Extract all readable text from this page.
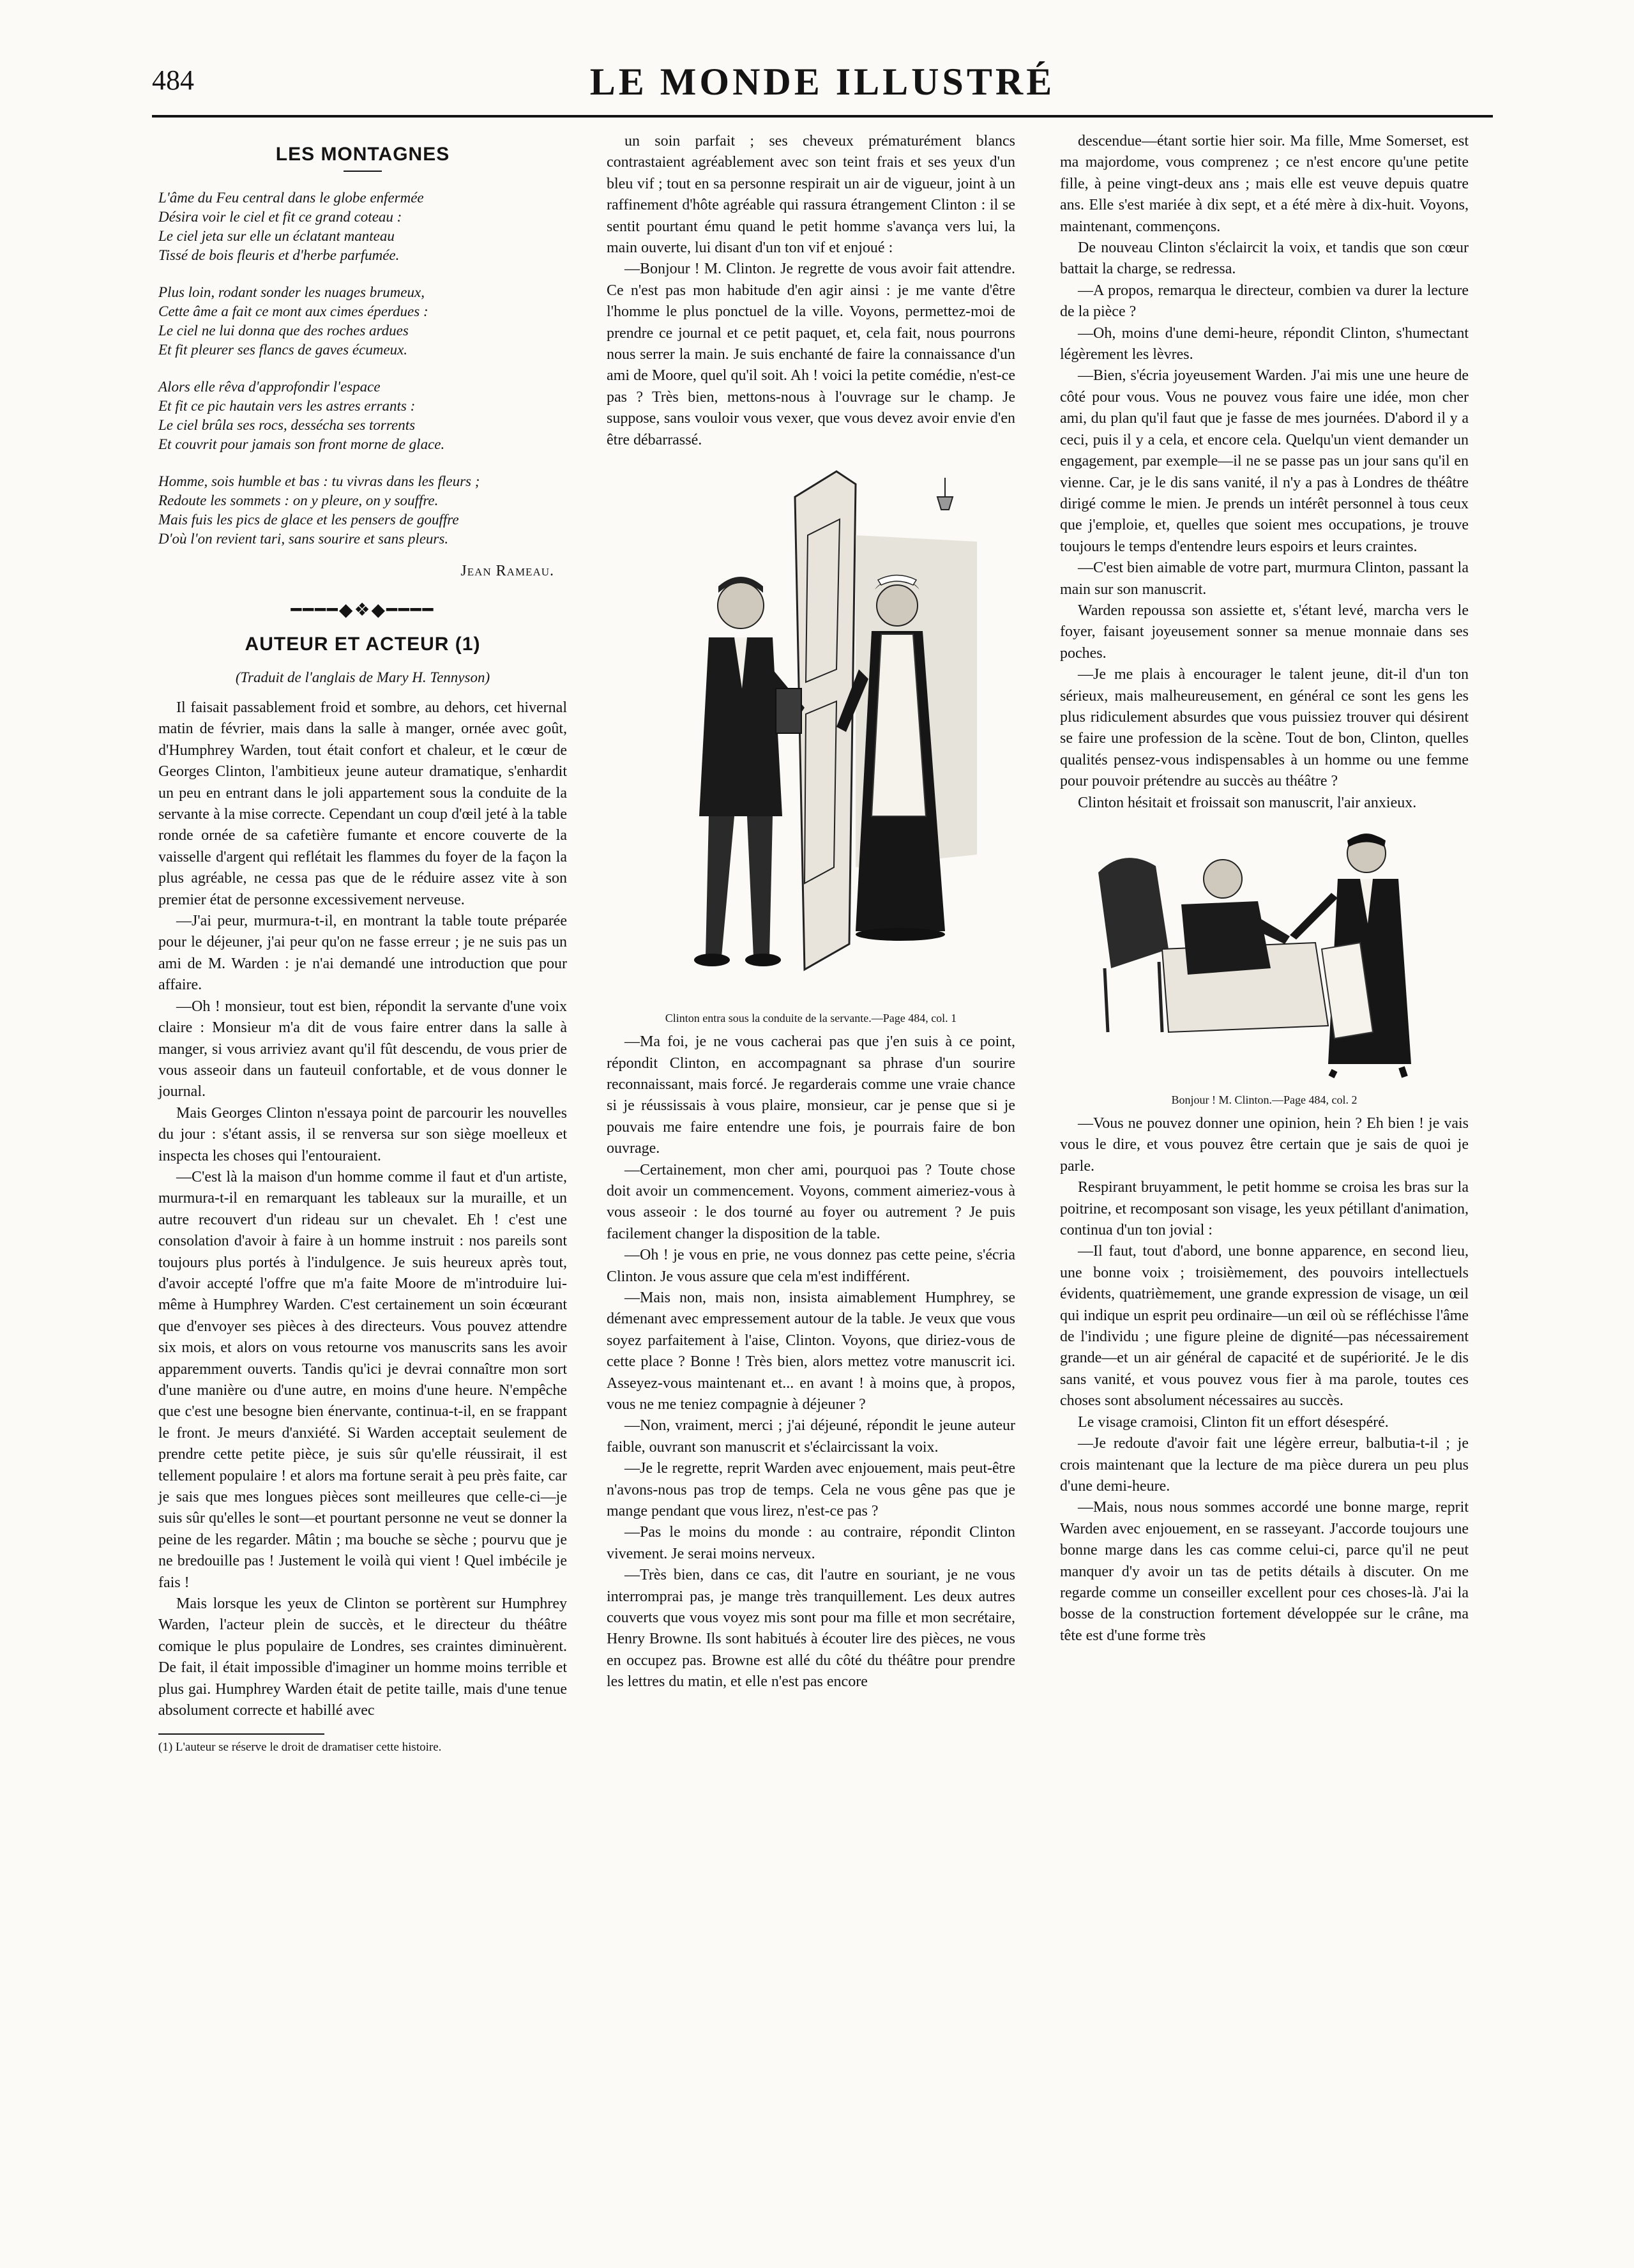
484	LE MONDE ILLUSTRÉ
LES MONTAGNES

L'âme du Feu central dans le globe enfermée

Désira voir le ciel et fit ce grand coteau :

Le ciel jeta sur elle un éclatant manteau

Tissé de bois fleuris et d'herbe parfumée.

Plus loin, rodant sonder les nuages brumeux,

Cette âme a fait ce mont aux cimes éperdues :

Le ciel ne lui donna que des roches ardues

Et fit pleurer ses flancs de gaves écumeux.

Alors elle rêva d'approfondir l'espace

Et fit ce pic hautain vers les astres errants :

Le ciel brûla ses rocs, dessécha ses torrents

Et couvrit pour jamais son front morne de glace.

Homme, sois humble et bas : tu vivras dans les fleurs ;

Redoute les sommets : on y pleure, on y souffre.

Mais fuis les pics de glace et les pensers de gouffre

D'où l'on revient tari, sans sourire et sans pleurs.

Jean Rameau.
━━━━◆❖◆━━━━
AUTEUR ET ACTEUR (1)
(Traduit de l'anglais de Mary H. Tennyson)

Il faisait passablement froid et sombre, au dehors, cet hivernal matin de février, mais dans la salle à manger, ornée avec goût, d'Humphrey Warden, tout était confort et chaleur, et le cœur de Georges Clinton, l'ambitieux jeune auteur dramatique, s'enhardit un peu en entrant dans le joli appartement sous la conduite de la servante à la mise correcte. Cependant un coup d'œil jeté à la table ronde ornée de sa cafetière fumante et encore couverte de la vaisselle d'argent qui reflétait les flammes du foyer de la façon la plus agréable, ne cessa pas que de le réduire assez vite à son premier état de personne excessivement nerveuse.

—J'ai peur, murmura-t-il, en montrant la table toute préparée pour le déjeuner, j'ai peur qu'on ne fasse erreur ; je ne suis pas un ami de M. Warden : je n'ai demandé une introduction que pour affaire.

—Oh ! monsieur, tout est bien, répondit la servante d'une voix claire : Monsieur m'a dit de vous faire entrer dans la salle à manger, si vous arriviez avant qu'il fût descendu, de vous prier de vous asseoir dans un fauteuil confortable, et de vous donner le journal.

Mais Georges Clinton n'essaya point de parcourir les nouvelles du jour : s'étant assis, il se renversa sur son siège moelleux et inspecta les choses qui l'entouraient.

—C'est là la maison d'un homme comme il faut et d'un artiste, murmura-t-il en remarquant les tableaux sur la muraille, et un autre recouvert d'un rideau sur un chevalet. Eh ! c'est une consolation d'avoir à faire à un homme instruit : nos pareils sont toujours plus portés à l'indulgence. Je suis heureux après tout, d'avoir accepté l'offre que m'a faite Moore de m'introduire lui-même à Humphrey Warden. C'est certainement un soin écœurant que d'envoyer ses pièces à des directeurs. Vous pouvez attendre six mois, et alors on vous retourne vos manuscrits sans les avoir apparemment ouverts. Tandis qu'ici je devrai connaître mon sort d'une manière ou d'une autre, en moins d'une heure. N'empêche que c'est une besogne bien énervante, continua-t-il, en se frappant le front. Je meurs d'anxiété. Si Warden acceptait seulement de prendre cette petite pièce, je suis sûr qu'elle réussirait, il est tellement populaire ! et alors ma fortune serait à peu près faite, car je sais que mes longues pièces sont meilleures que celle-ci—je suis sûr qu'elles le sont—et pourtant personne ne veut se donner la peine de les regarder. Mâtin ; ma bouche se sèche ; pourvu que je ne bredouille pas ! Justement le voilà qui vient ! Quel imbécile je fais !

Mais lorsque les yeux de Clinton se portèrent sur Humphrey Warden, l'acteur plein de succès, et le directeur du théâtre comique le plus populaire de Londres, ses craintes diminuèrent. De fait, il était impossible d'imaginer un homme moins terrible et plus gai. Humphrey Warden était de petite taille, mais d'une tenue absolument correcte et habillé avec

(1) L'auteur se réserve le droit de dramatiser cette histoire.

un soin parfait ; ses cheveux prématurément blancs contrastaient agréablement avec son teint frais et ses yeux d'un bleu vif ; tout en sa personne respirait un air de vigueur, joint à un raffinement d'hôte agréable qui rassura étrangement Clinton : il se sentit pourtant ému quand le petit homme s'avança vers lui, la main ouverte, lui disant d'un ton vif et enjoué :

—Bonjour ! M. Clinton. Je regrette de vous avoir fait attendre. Ce n'est pas mon habitude d'en agir ainsi : je me vante d'être l'homme le plus ponctuel de la ville. Voyons, permettez-moi de prendre ce journal et ce petit paquet, et, cela fait, nous pourrons nous serrer la main. Je suis enchanté de faire la connaissance d'un ami de Moore, quel qu'il soit. Ah ! voici la petite comédie, n'est-ce pas ? Très bien, mettons-nous à l'ouvrage sur le champ. Je suppose, sans vouloir vous vexer, que vous devez avoir envie d'en être débarrassé.

Clinton entra sous la conduite de la servante.—Page 484, col. 1

—Ma foi, je ne vous cacherai pas que j'en suis à ce point, répondit Clinton, en accompagnant sa phrase d'un sourire reconnaissant, mais forcé. Je regarderais comme une vraie chance si je réussissais à vous plaire, monsieur, car je pense que si je pouvais me faire entendre une fois, je pourrais faire de bon ouvrage.

—Certainement, mon cher ami, pourquoi pas ? Toute chose doit avoir un commencement. Voyons, comment aimeriez-vous à vous asseoir : le dos tourné au foyer ou autrement ? Je puis facilement changer la disposition de la table.

—Oh ! je vous en prie, ne vous donnez pas cette peine, s'écria Clinton. Je vous assure que cela m'est indifférent.

—Mais non, mais non, insista aimablement Humphrey, se démenant avec empressement autour de la table. Je veux que vous soyez parfaitement à l'aise, Clinton. Voyons, que diriez-vous de cette place ? Bonne ! Très bien, alors mettez votre manuscrit ici. Asseyez-vous maintenant et... en avant ! à moins que, à propos, vous ne me teniez compagnie à déjeuner ?

—Non, vraiment, merci ; j'ai déjeuné, répondit le jeune auteur faible, ouvrant son manuscrit et s'éclaircissant la voix.

—Je le regrette, reprit Warden avec enjouement, mais peut-être n'avons-nous pas trop de temps. Cela ne vous gêne pas que je mange pendant que vous lirez, n'est-ce pas ?

—Pas le moins du monde : au contraire, répondit Clinton vivement. Je serai moins nerveux.

—Très bien, dans ce cas, dit l'autre en souriant, je ne vous interromprai pas, je mange très tranquillement. Les deux autres couverts que vous voyez mis sont pour ma fille et mon secrétaire, Henry Browne. Ils sont habitués à écouter lire des pièces, ne vous en occupez pas. Browne est allé du côté du théâtre pour prendre les lettres du matin, et elle n'est pas encore

descendue—étant sortie hier soir. Ma fille, Mme Somerset, est ma majordome, vous comprenez ; ce n'est encore qu'une petite fille, à peine vingt-deux ans ; mais elle est veuve depuis quatre ans. Elle s'est mariée à dix sept, et a été mère à dix-huit. Voyons, maintenant, commençons.

De nouveau Clinton s'éclaircit la voix, et tandis que son cœur battait la charge, se redressa.

—A propos, remarqua le directeur, combien va durer la lecture de la pièce ?

—Oh, moins d'une demi-heure, répondit Clinton, s'humectant légèrement les lèvres.

—Bien, s'écria joyeusement Warden. J'ai mis une une heure de côté pour vous. Vous ne pouvez vous faire une idée, mon cher ami, du plan qu'il faut que je fasse de mes journées. D'abord il y a ceci, puis il y a cela, et encore cela. Quelqu'un vient demander un engagement, par exemple—il ne se passe pas un jour sans qu'il en vienne. Car, je le dis sans vanité, il n'y a pas à Londres de théâtre dirigé comme le mien. Je prends un intérêt personnel à tous ceux que j'emploie, et, quelles que soient mes occupations, je trouve toujours le temps d'entendre leurs espoirs et leurs craintes.

—C'est bien aimable de votre part, murmura Clinton, passant la main sur son manuscrit.

Warden repoussa son assiette et, s'étant levé, marcha vers le foyer, faisant joyeusement sonner sa menue monnaie dans ses poches.

—Je me plais à encourager le talent jeune, dit-il d'un ton sérieux, mais malheureusement, en général ce sont les gens les plus ridiculement absurdes que vous puissiez trouver qui désirent se faire une profession de la scène. Tout de bon, Clinton, quelles qualités pensez-vous indispensables à un homme ou une femme pour pouvoir prétendre au succès au théâtre ?

Clinton hésitait et froissait son manuscrit, l'air anxieux.

Bonjour ! M. Clinton.—Page 484, col. 2

—Vous ne pouvez donner une opinion, hein ? Eh bien ! je vais vous le dire, et vous pouvez être certain que je sais de quoi je parle.

Respirant bruyamment, le petit homme se croisa les bras sur la poitrine, et recomposant son visage, les yeux pétillant d'animation, continua d'un ton jovial :

—Il faut, tout d'abord, une bonne apparence, en second lieu, une bonne voix ; troisièmement, des pouvoirs intellectuels évidents, quatrièmement, une grande expression de visage, un œil qui indique un esprit peu ordinaire—un œil où se réfléchisse l'âme de l'individu ; une figure pleine de dignité—pas nécessairement grande—et un air général de capacité et de supériorité. Je le dis sans vanité, et vous pouvez vous fier à ma parole, toutes ces choses sont absolument nécessaires au succès.

Le visage cramoisi, Clinton fit un effort désespéré.

—Je redoute d'avoir fait une légère erreur, balbutia-t-il ; je crois maintenant que la lecture de ma pièce durera un peu plus d'une demi-heure.

—Mais, nous nous sommes accordé une bonne marge, reprit Warden avec enjouement, en se rasseyant. J'accorde toujours une bonne marge dans les cas comme celui-ci, parce qu'il ne peut manquer d'y avoir un tas de petits détails à discuter. On me regarde comme un conseiller excellent pour ces choses-là. J'ai la bosse de la construction fortement développée sur le crâne, ma tête est d'une forme très
